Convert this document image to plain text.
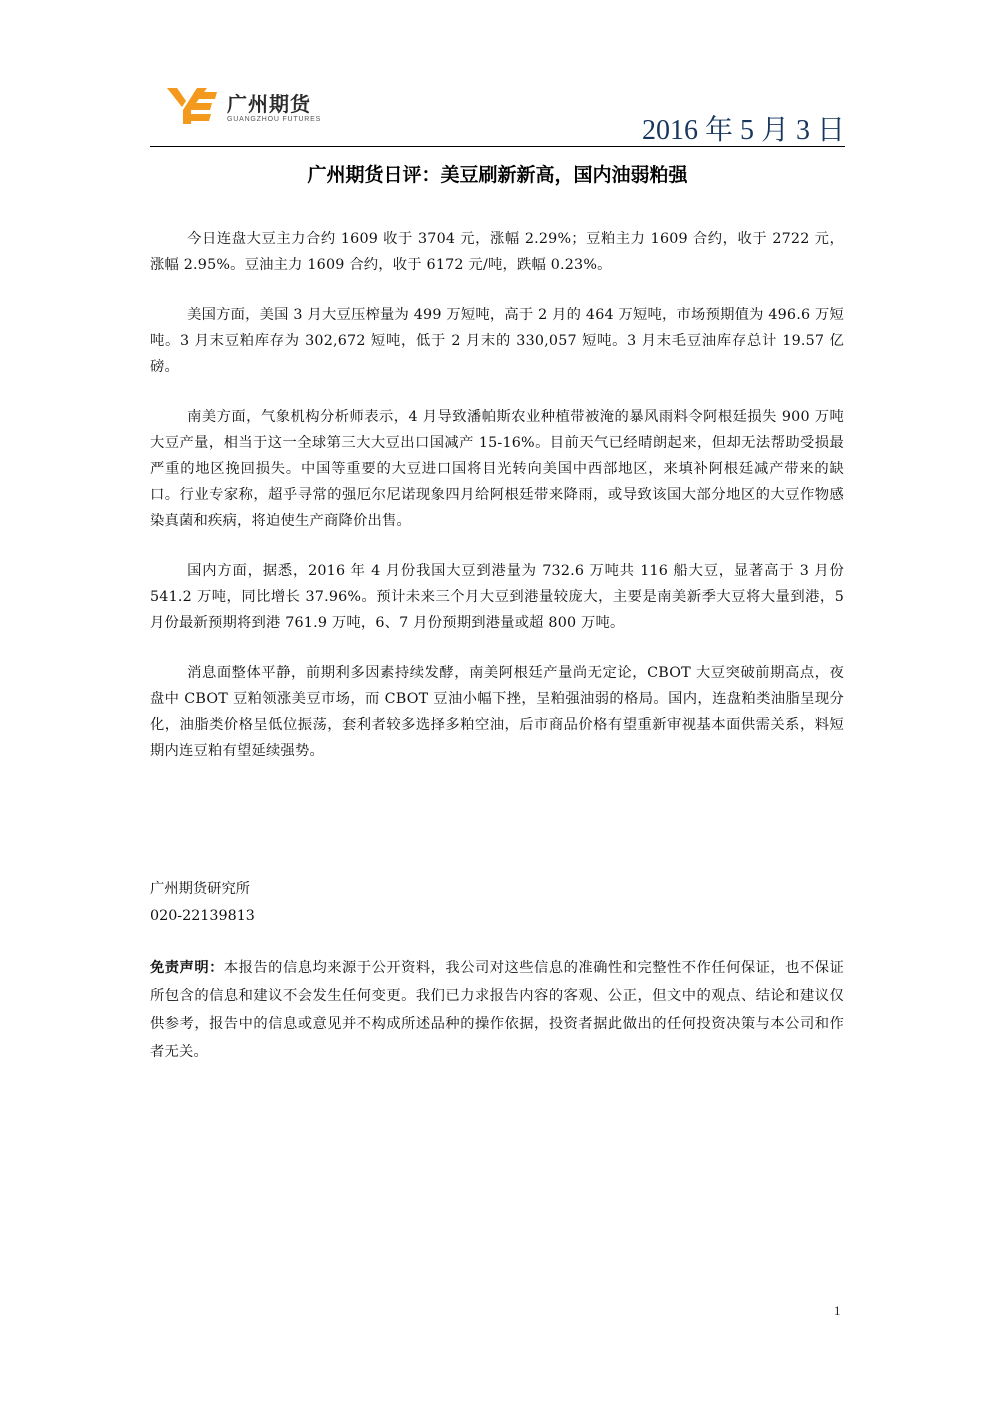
广州期货
GUANGZHOU FUTURES	2016 年 5 月 3 日
广州期货日评：美豆刷新新高，国内油弱粕强

今日连盘大豆主力合约 1609 收于 3704 元，涨幅 2.29%；豆粕主力 1609 合约，收于 2722 元，涨幅 2.95%。豆油主力 1609 合约，收于 6172 元/吨，跌幅 0.23%。

美国方面，美国 3 月大豆压榨量为 499 万短吨，高于 2 月的 464 万短吨，市场预期值为 496.6 万短吨。3 月末豆粕库存为 302,672 短吨，低于 2 月末的 330,057 短吨。3 月末毛豆油库存总计 19.57 亿磅。

南美方面，气象机构分析师表示，4 月导致潘帕斯农业种植带被淹的暴风雨料令阿根廷损失 900 万吨大豆产量，相当于这一全球第三大大豆出口国减产 15-16%。目前天气已经晴朗起来，但却无法帮助受损最严重的地区挽回损失。中国等重要的大豆进口国将目光转向美国中西部地区，来填补阿根廷减产带来的缺口。行业专家称，超乎寻常的强厄尔尼诺现象四月给阿根廷带来降雨，或导致该国大部分地区的大豆作物感染真菌和疾病，将迫使生产商降价出售。

国内方面，据悉，2016 年 4 月份我国大豆到港量为 732.6 万吨共 116 船大豆，显著高于 3 月份 541.2 万吨，同比增长 37.96%。预计未来三个月大豆到港量较庞大，主要是南美新季大豆将大量到港，5 月份最新预期将到港 761.9 万吨，6、7 月份预期到港量或超 800 万吨。

消息面整体平静，前期利多因素持续发酵，南美阿根廷产量尚无定论，CBOT 大豆突破前期高点，夜盘中 CBOT 豆粕领涨美豆市场，而 CBOT 豆油小幅下挫，呈粕强油弱的格局。国内，连盘粕类油脂呈现分化，油脂类价格呈低位振荡，套利者较多选择多粕空油，后市商品价格有望重新审视基本面供需关系，料短期内连豆粕有望延续强势。

广州期货研究所
020-22139813

免责声明：本报告的信息均来源于公开资料，我公司对这些信息的准确性和完整性不作任何保证，也不保证所包含的信息和建议不会发生任何变更。我们已力求报告内容的客观、公正，但文中的观点、结论和建议仅供参考，报告中的信息或意见并不构成所述品种的操作依据，投资者据此做出的任何投资决策与本公司和作者无关。

1
